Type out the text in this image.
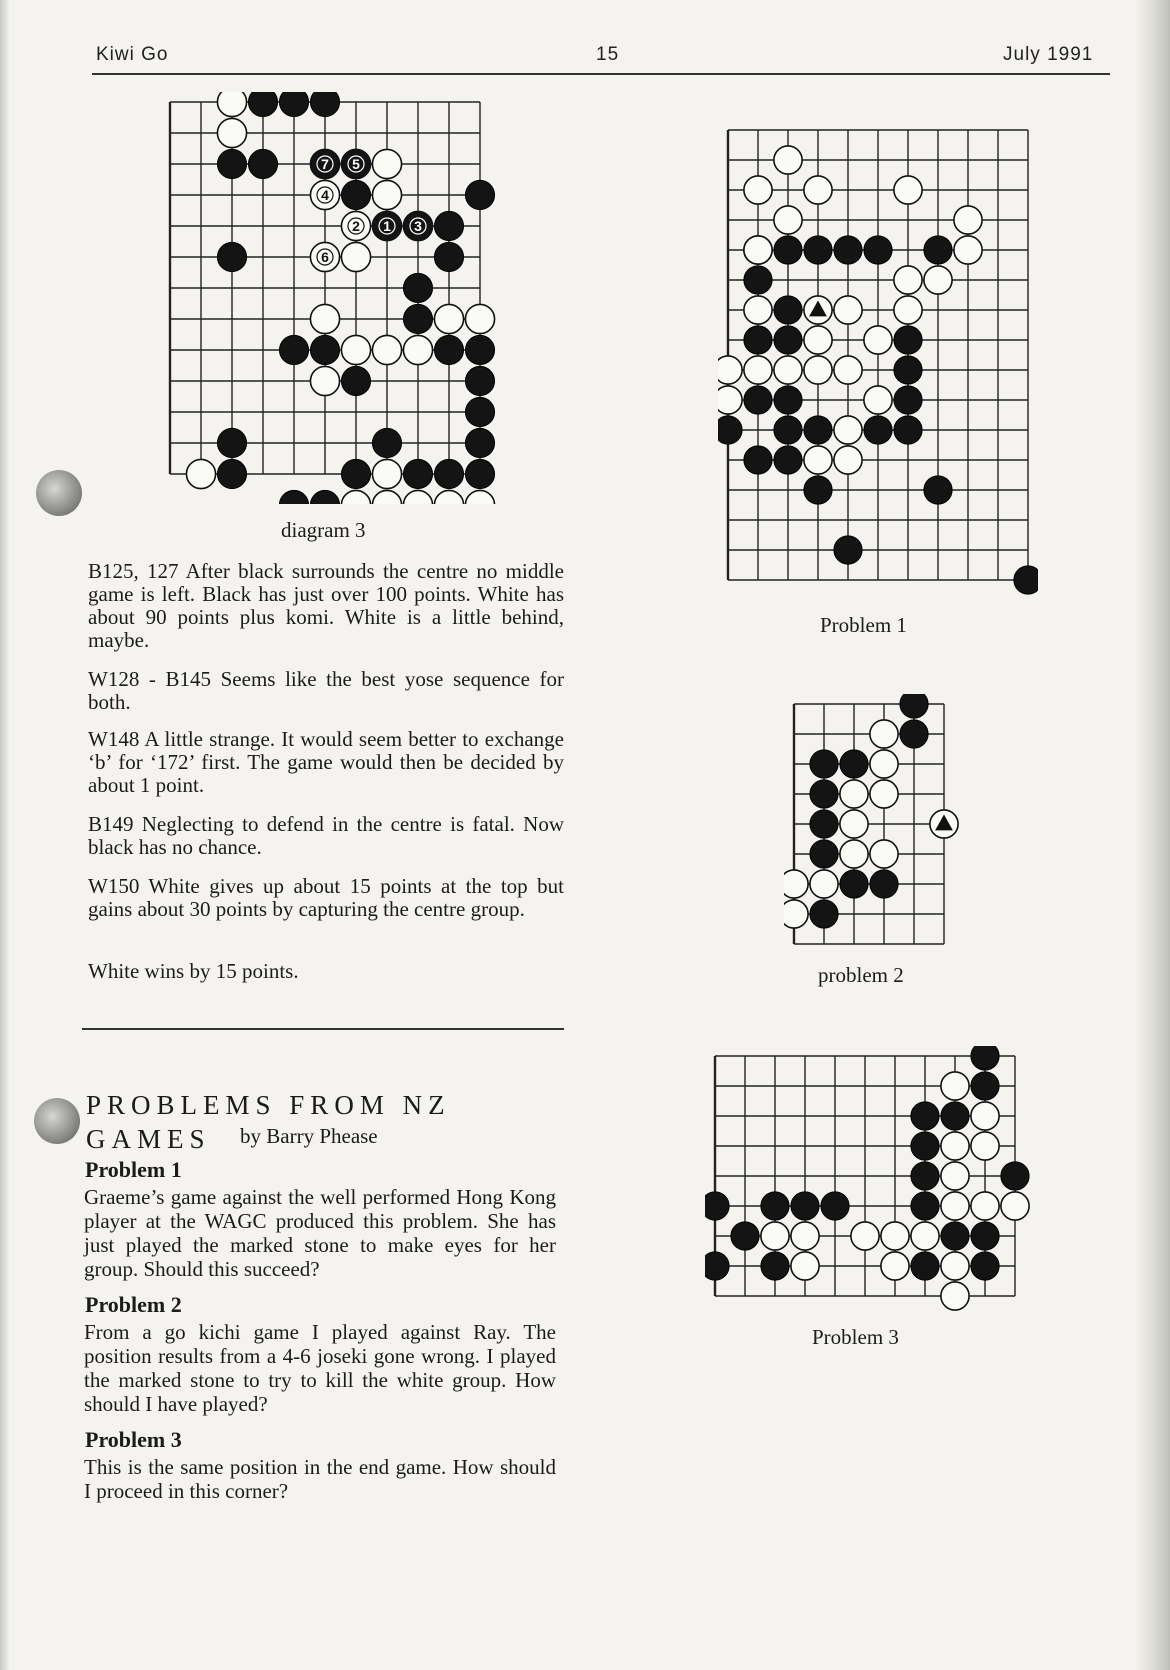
Kiwi Go	15	July 1991
7 5
4
2 1 3
6
diagram 3

B125, 127 After black surrounds the centre no middle game is left. Black has just over 100 points. White has about 90 points plus komi. White is a little behind, maybe.

W128 - B145 Seems like the best yose sequence for both.

W148 A little strange. It would seem better to exchange ‘b’ for ‘172’ first. The game would then be decided by about 1 point.

B149 Neglecting to defend in the centre is fatal. Now black has no chance.

W150 White gives up about 15 points at the top but gains about 30 points by capturing the centre group.

White wins by 15 points.

PROBLEMS FROM NZ GAMES	by Barry Phease
Problem 1

Graeme’s game against the well performed Hong Kong player at the WAGC produced this problem. She has just played the marked stone to make eyes for her group. Should this succeed?

Problem 2

From a go kichi game I played against Ray. The position results from a 4-6 joseki gone wrong. I played the marked stone to try to kill the white group. How should I have played?

Problem 3

This is the same position in the end game. How should I proceed in this corner?

Problem 1
problem 2
Problem 3
